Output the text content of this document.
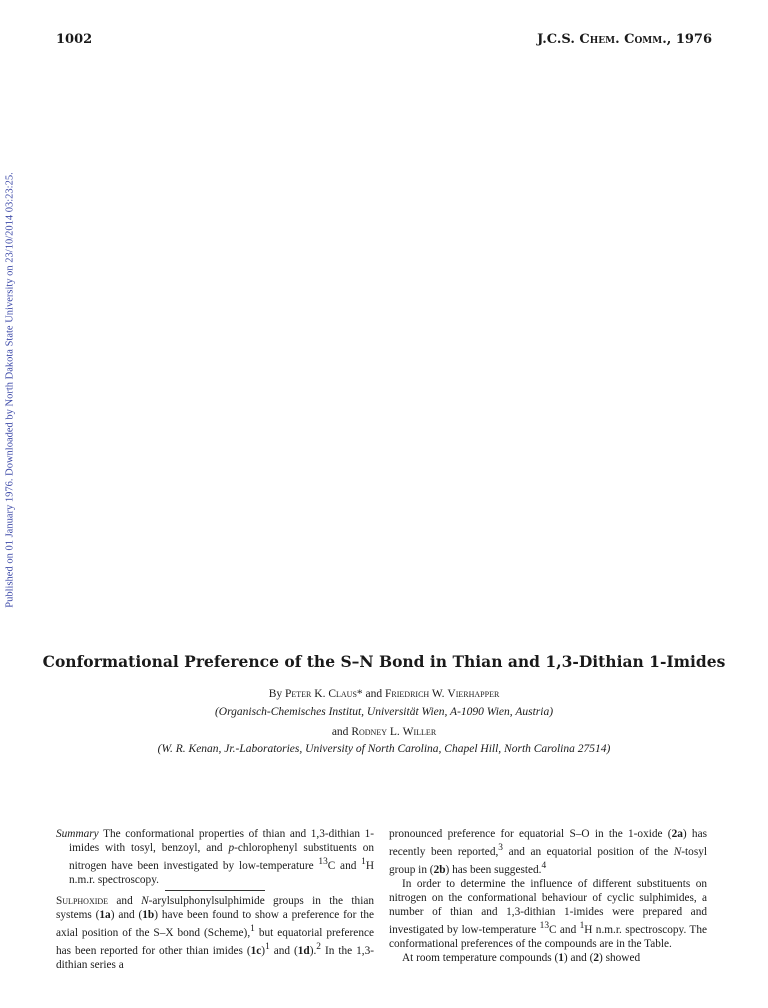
1002	J.C.S. Chem. Comm., 1976
Published on 01 January 1976. Downloaded by North Dakota State University on 23/10/2014 03:23:25.
Conformational Preference of the S–N Bond in Thian and 1,3-Dithian 1-Imides
By Peter K. Claus* and Friedrich W. Vierhapper
(Organisch-Chemisches Institut, Universität Wien, A-1090 Wien, Austria)
and Rodney L. Willer
(W. R. Kenan, Jr.-Laboratories, University of North Carolina, Chapel Hill, North Carolina 27514)

Summary The conformational properties of thian and 1,3-dithian 1-imides with tosyl, benzoyl, and p-chlorophenyl substituents on nitrogen have been investigated by low-temperature $^{13}$C and $^1$H n.m.r. spectroscopy.

Sulphoxide and N-arylsulphonylsulphimide groups in the thian systems (1a) and (1b) have been found to show a preference for the axial position of the S–X bond (Scheme),$^1$ but equatorial preference has been reported for other thian imides $(1c)^1$ and (1d).$^2$ In the 1,3-dithian series a

pronounced preference for equatorial S–O in the 1-oxide (2a) has recently been reported,$^3$ and an equatorial position of the N-tosyl group in (2b) has been suggested.$^4$

In order to determine the influence of different substituents on nitrogen on the conformational behaviour of cyclic sulphimides, a number of thian and 1,3-dithian 1-imides were prepared and investigated by low-temperature $^{13}$C and $^1$H n.m.r. spectroscopy. The conformational preferences of the compounds are in the Table.

At room temperature compounds (1) and (2) showed
